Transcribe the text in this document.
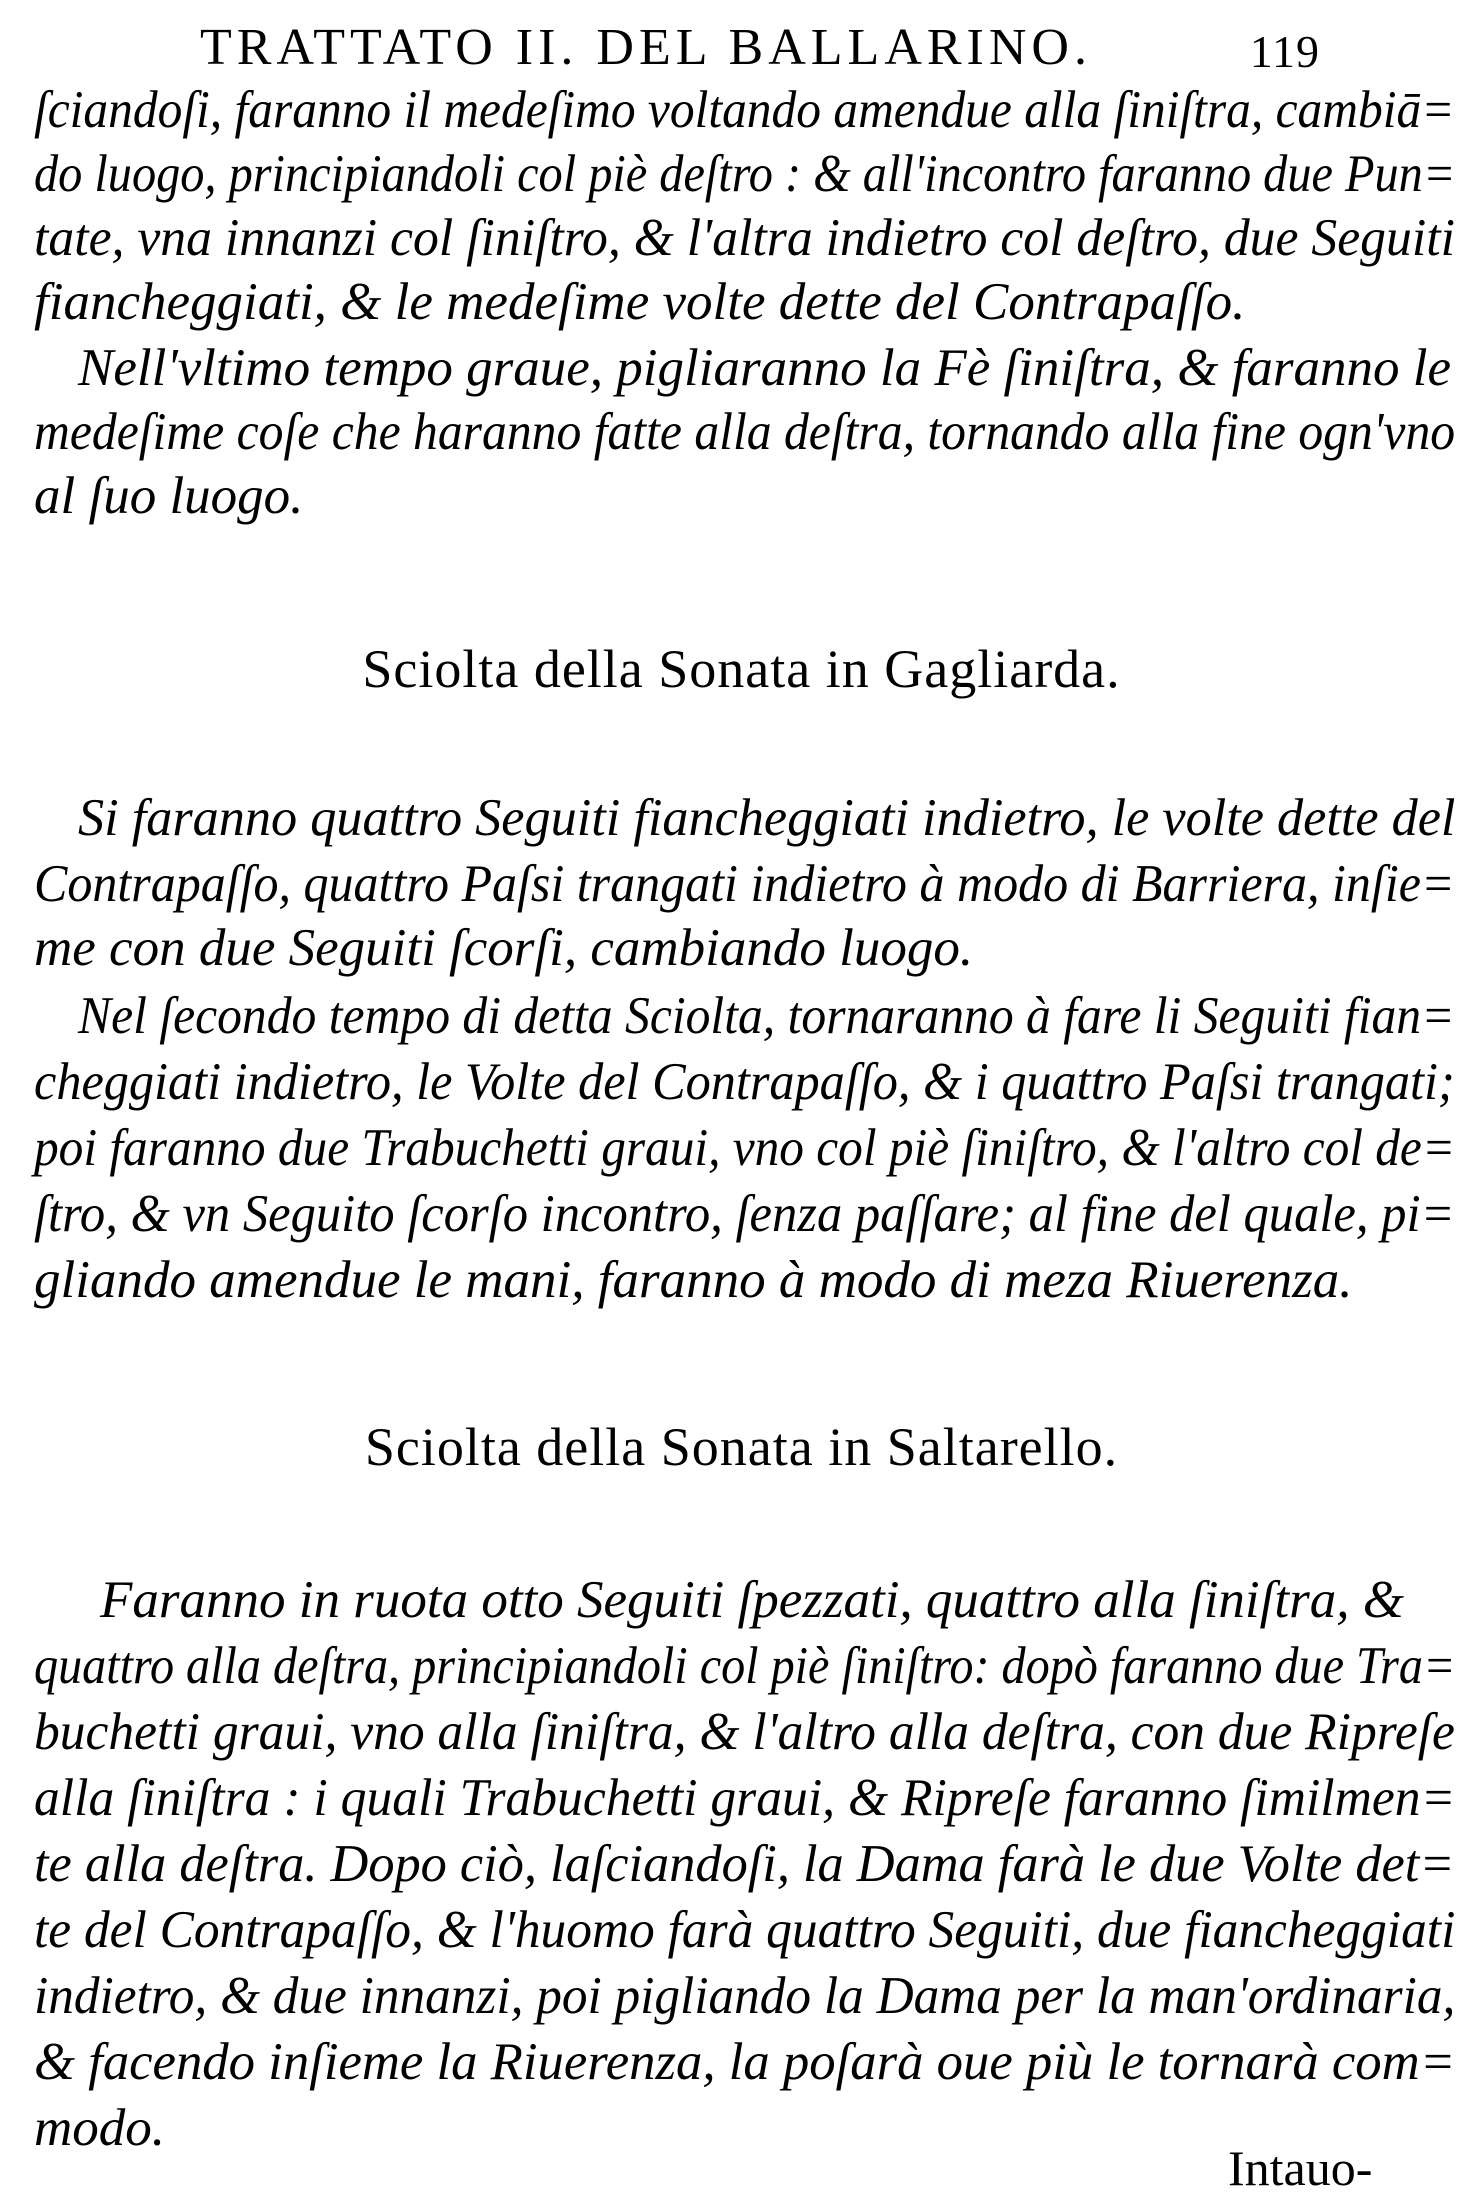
TRATTATO II. DEL BALLARINO.	119
ſciandoſi, faranno il medeſimo voltando amendue alla ſiniſtra, cambiā=
do luogo, principiandoli col piè deſtro : & all'incontro faranno due Pun=
tate, vna innanzi col ſiniſtro, & l'altra indietro col deſtro, due Seguiti
fiancheggiati, & le medeſime volte dette del Contrapaſſo.
Nell'vltimo tempo graue, pigliaranno la Fè ſiniſtra, & faranno le
medeſime coſe che haranno fatte alla deſtra, tornando alla fine ogn'vno
al ſuo luogo.
Sciolta della Sonata in Gagliarda.
Si faranno quattro Seguiti fiancheggiati indietro, le volte dette del
Contrapaſſo, quattro Paſsi trangati indietro à modo di Barriera, inſie=
me con due Seguiti ſcorſi, cambiando luogo.
Nel ſecondo tempo di detta Sciolta, tornaranno à fare li Seguiti fian=
cheggiati indietro, le Volte del Contrapaſſo, & i quattro Paſsi trangati;
poi faranno due Trabuchetti graui, vno col piè ſiniſtro, & l'altro col de=
ſtro, & vn Seguito ſcorſo incontro, ſenza paſſare; al fine del quale, pi=
gliando amendue le mani, faranno à modo di meza Riuerenza.
Sciolta della Sonata in Saltarello.
Faranno in ruota otto Seguiti ſpezzati, quattro alla ſiniſtra, &
quattro alla deſtra, principiandoli col piè ſiniſtro: dopò faranno due Tra=
buchetti graui, vno alla ſiniſtra, & l'altro alla deſtra, con due Ripreſe
alla ſiniſtra : i quali Trabuchetti graui, & Ripreſe faranno ſimilmen=
te alla deſtra. Dopo ciò, laſciandoſi, la Dama farà le due Volte det=
te del Contrapaſſo, & l'huomo farà quattro Seguiti, due fiancheggiati
indietro, & due innanzi, poi pigliando la Dama per la man'ordinaria,
& facendo inſieme la Riuerenza, la poſarà oue più le tornarà com=
modo.
Intauo-
